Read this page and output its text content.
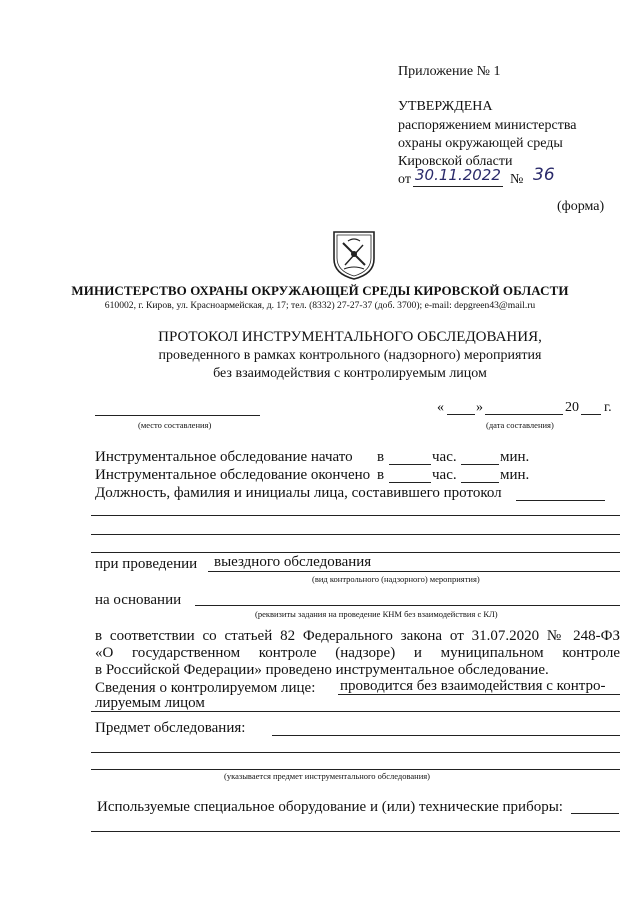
Приложение № 1
УТВЕРЖДЕНА
распоряжением министерства
охраны окружающей среды
Кировской области
от 30.11.2022 № 36
(форма)
МИНИСТЕРСТВО ОХРАНЫ ОКРУЖАЮЩЕЙ СРЕДЫ КИРОВСКОЙ ОБЛАСТИ
610002, г. Киров, ул. Красноармейская, д. 17; тел. (8332) 27-27-37 (доб. 3700); e-mail: depgreen43@mail.ru
ПРОТОКОЛ ИНСТРУМЕНТАЛЬНОГО ОБСЛЕДОВАНИЯ,
проведенного в рамках контрольного (надзорного) мероприятия
без взаимодействия с контролируемым лицом
(место составления)
« »	20 г.
(дата составления)
Инструментальное обследование начато в	час.	мин.
Инструментальное обследование окончено в	час.	мин.
Должность, фамилия и инициалы лица, составившего протокол
при проведении выездного обследования
(вид контрольного (надзорного) мероприятия)
на основании
(реквизиты задания на проведение КНМ без взаимодействия с КЛ)
в соответствии со статьей 82 Федерального закона от 31.07.2020 № 248-ФЗ
«О государственном контроле (надзоре) и муниципальном контроле
в Российской Федерации» проведено инструментальное обследование.
Сведения о контролируемом лице: проводится без взаимодействия с контро-
лируемым лицом
Предмет обследования:
(указывается предмет инструментального обследования)
Используемые специальное оборудование и (или) технические приборы:
